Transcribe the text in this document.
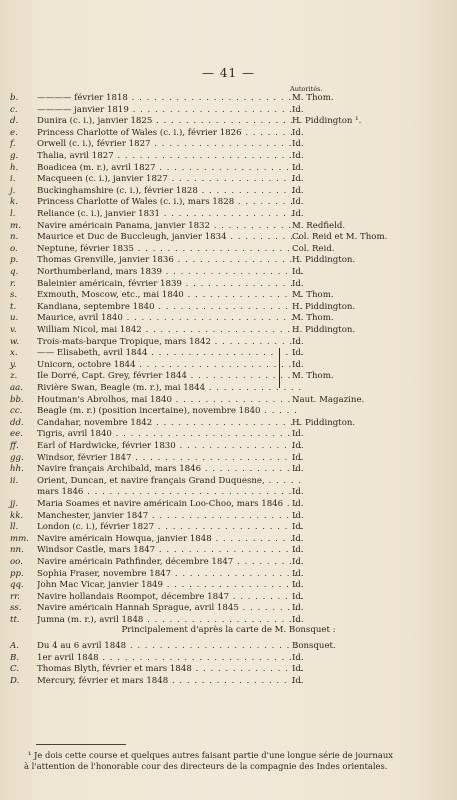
— 41 —
Autorités.
b.	———— février 1818 . . .	M. Thom.
c.	———— janvier 1819 . . .	Id.
d.	Dunira (c. i.), janvier 1825 . . .	H. Piddington ¹.
e.	Princess Charlotte of Wales (c. i.), février 1826 . . .	Id.
f.	Orwell (c. i.), février 1827 . . .	Id.
g.	Thalia, avril 1827 . . .	Id.
h.	Boadicea (m. r.), avril 1827 . . .	Id.
i.	Macqueen (c. i.), janvier 1827 . . .	Id.
j.	Buckinghamshire (c. i.), février 1828 . . .	Id.
k.	Princess Charlotte of Wales (c. i.), mars 1828 . . .	Id.
l.	Reliance (c. i.), janvier 1831 . . .	Id.
m.	Navire américain Panama, janvier 1832 . . .	M. Redfield.
n.	Maurice et Duc de Buccleugh, janvier 1834 . . .	Col. Reid et M. Thom.
o.	Neptune, février 1835 . . .	Col. Reid.
p.	Thomas Grenville, janvier 1836 . . .	H. Piddington.
q.	Northumberland, mars 1839 . . .	Id.
r.	Baleinier américain, février 1839 . . .	Id.
s.	Exmouth, Moscow, etc., mai 1840 . . .	M. Thom.
t.	Kandiana, septembre 1840 . . .	H. Piddington.
u.	Maurice, avril 1840 . . .	M. Thom.
v.	William Nicol, mai 1842 . . .	H. Piddington.
w.	Trois-mats-barque Tropique, mars 1842 . . .	Id.
x.	—— Elisabeth, avril 1844 . . .	Id.
y.	Unicorn, octobre 1844 . . .	Id.
z.	Ile Dorré, Capt. Grey, février 1844 . . .	M. Thom.
aa.	Rivière Swan, Beagle (m. r.), mai 1844 . . .
bb.	Houtman's Abrolhos, mai 1840 . . .	Naut. Magazine.
cc.	Beagle (m. r.) (position incertaine), novembre 1840 . . .
dd.	Candahar, novembre 1842 . . .	H. Piddington.
ee.	Tigris, avril 1840 . . .	Id.
ff.	Earl of Hardwicke, février 1830 . . .	Id.
gg.	Windsor, février 1847 . . .	Id.
hh.	Navire français Archibald, mars 1846 . . .	Id.
ii.	Orient, Duncan, et navire français Grand Duquesne, . . .
mars 1846 . . .	Id.
jj.	Maria Soames et navire américain Loo-Choo, mars 1846 . . .	Id.
kk.	Manchester, janvier 1847 . . .	Id.
ll.	London (c. i.), février 1827 . . .	Id.
mm. Navire américain Howqua, janvier 1848 . . .	Id.
nn.	Windsor Castle, mars 1847 . . .	Id.
oo.	Navire américain Pathfinder, décembre 1847 . . .	Id.
pp.	Sophia Fraser, novembre 1847 . . .	Id.
qq.	John Mac Vicar, janvier 1849 . . .	Id.
rr.	Navire hollandais Roompot, décembre 1847 . . .	Id.
ss.	Navire américain Hannah Sprague, avril 1845 . . .	Id.
tt.	Jumna (m. r.), avril 1848 . . .	Id.
Principalement d'après la carte de M. Bonsquet :
A.	Du 4 au 6 avril 1848 . . .	Bonsquet.
B.	1er avril 1848 . . .	Id.
C.	Thomas Blyth, février et mars 1848 . . .	Id.
D.	Mercury, février et mars 1848 . . .	Id.
¹ Je dois cette course et quelques autres faisant partie d'une longue série de journaux
à l'attention de l'honorable cour des directeurs de la compagnie des Indes orientales.
